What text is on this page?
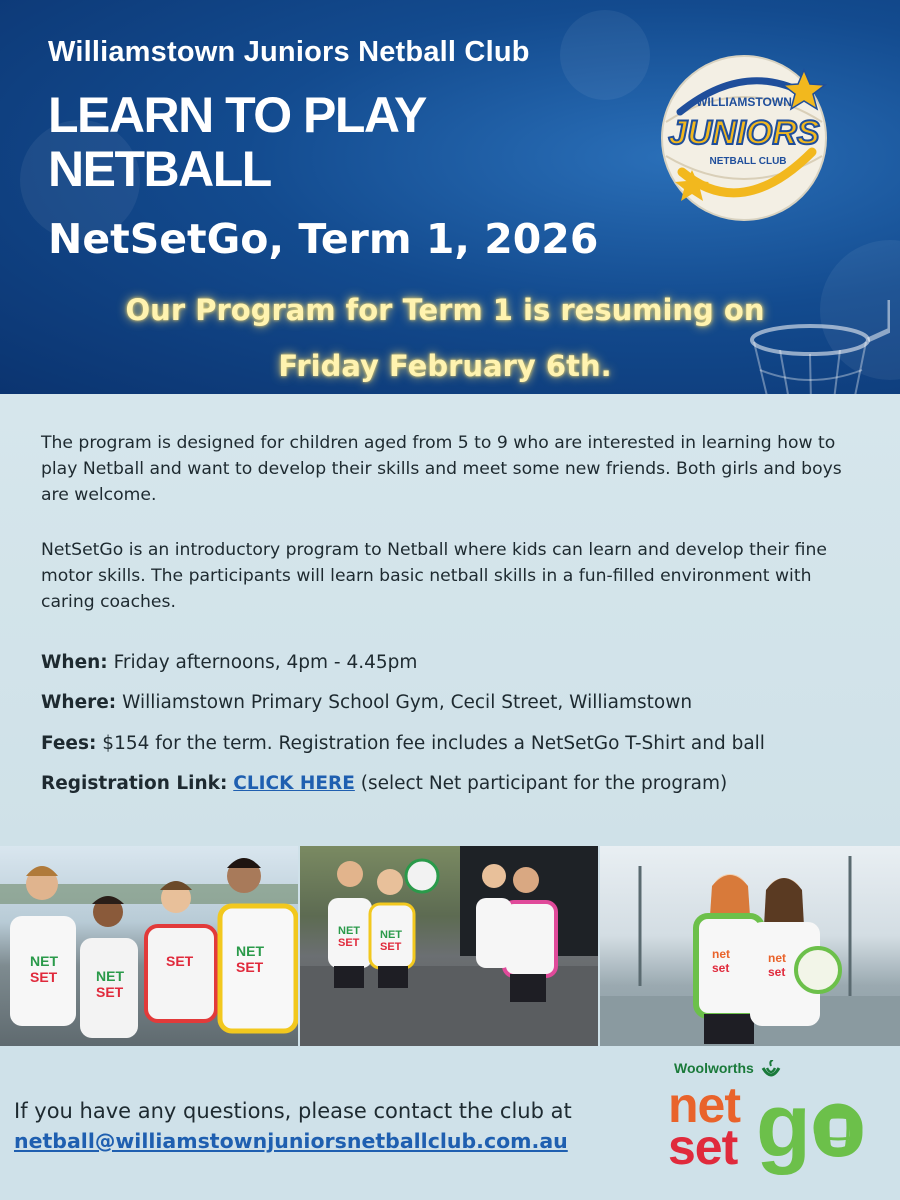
Williamstown Juniors Netball Club
LEARN TO PLAY
NETBALL
NetSetGo, Term 1, 2026
Our Program for Term 1 is resuming on
Friday February 6th.
WILLIAMSTOWN
JUNIORS
NETBALL CLUB
The program is designed for children aged from 5 to 9 who are interested in learning how to play Netball and want to develop their skills and meet some new friends. Both girls and boys are welcome.
NetSetGo is an introductory program to Netball where kids can learn and develop their fine motor skills. The participants will learn basic netball skills in a fun-filled environment with caring coaches.
When: Friday afternoons, 4pm - 4.45pm
Where: Williamstown Primary School Gym, Cecil Street, Williamstown
Fees: $154 for the term. Registration fee includes a NetSetGo T-Shirt and ball
Registration Link: CLICK HERE (select Net participant for the program)
NET
SET	NET
SET
SET
NET
SET
NET
SET
NET
SET	net
set
net
set
If you have any questions, please contact the club at
netball@williamstownjuniorsnetballclub.com.au
Woolworths
net
set go
